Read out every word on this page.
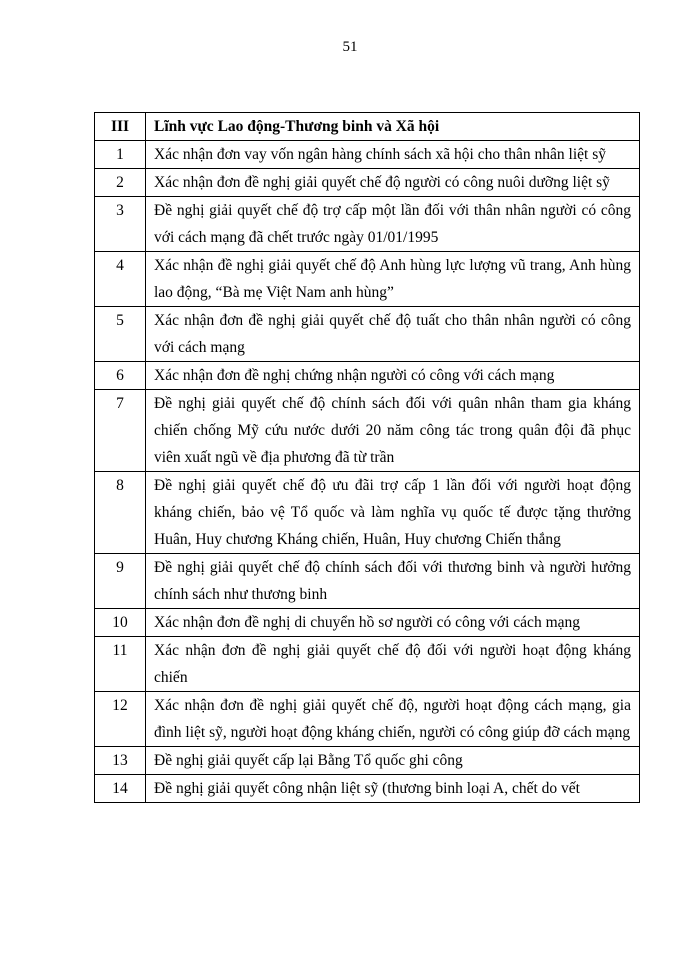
51
III	Lĩnh vực Lao động-Thương binh và Xã hội
1	Xác nhận đơn vay vốn ngân hàng chính sách xã hội cho thân nhân liệt sỹ
2	Xác nhận đơn đề nghị giải quyết chế độ người có công nuôi dưỡng liệt sỹ
3	Đề nghị giải quyết chế độ trợ cấp một lần đối với thân nhân người có công với cách mạng đã chết trước ngày 01/01/1995
4	Xác nhận đề nghị giải quyết chế độ Anh hùng lực lượng vũ trang, Anh hùng lao động, “Bà mẹ Việt Nam anh hùng”
5	Xác nhận đơn đề nghị giải quyết chế độ tuất cho thân nhân người có công với cách mạng
6	Xác nhận đơn đề nghị chứng nhận người có công với cách mạng
7	Đề nghị giải quyết chế độ chính sách đối với quân nhân tham gia kháng chiến chống Mỹ cứu nước dưới 20 năm công tác trong quân đội đã phục viên xuất ngũ về địa phương đã từ trần
8	Đề nghị giải quyết chế độ ưu đãi trợ cấp 1 lần đối với người hoạt động kháng chiến, bảo vệ Tổ quốc và làm nghĩa vụ quốc tế được tặng thưởng Huân, Huy chương Kháng chiến, Huân, Huy chương Chiến thắng
9	Đề nghị giải quyết chế độ chính sách đối với thương binh và người hưởng chính sách như thương binh
10	Xác nhận đơn đề nghị di chuyển hồ sơ người có công với cách mạng
11	Xác nhận đơn đề nghị giải quyết chế độ đối với người hoạt động kháng chiến
12	Xác nhận đơn đề nghị giải quyết chế độ, người hoạt động cách mạng, gia đình liệt sỹ, người hoạt động kháng chiến, người có công giúp đỡ cách mạng
13	Đề nghị giải quyết cấp lại Bằng Tổ quốc ghi công
14	Đề nghị giải quyết công nhận liệt sỹ (thương binh loại A, chết do vết
